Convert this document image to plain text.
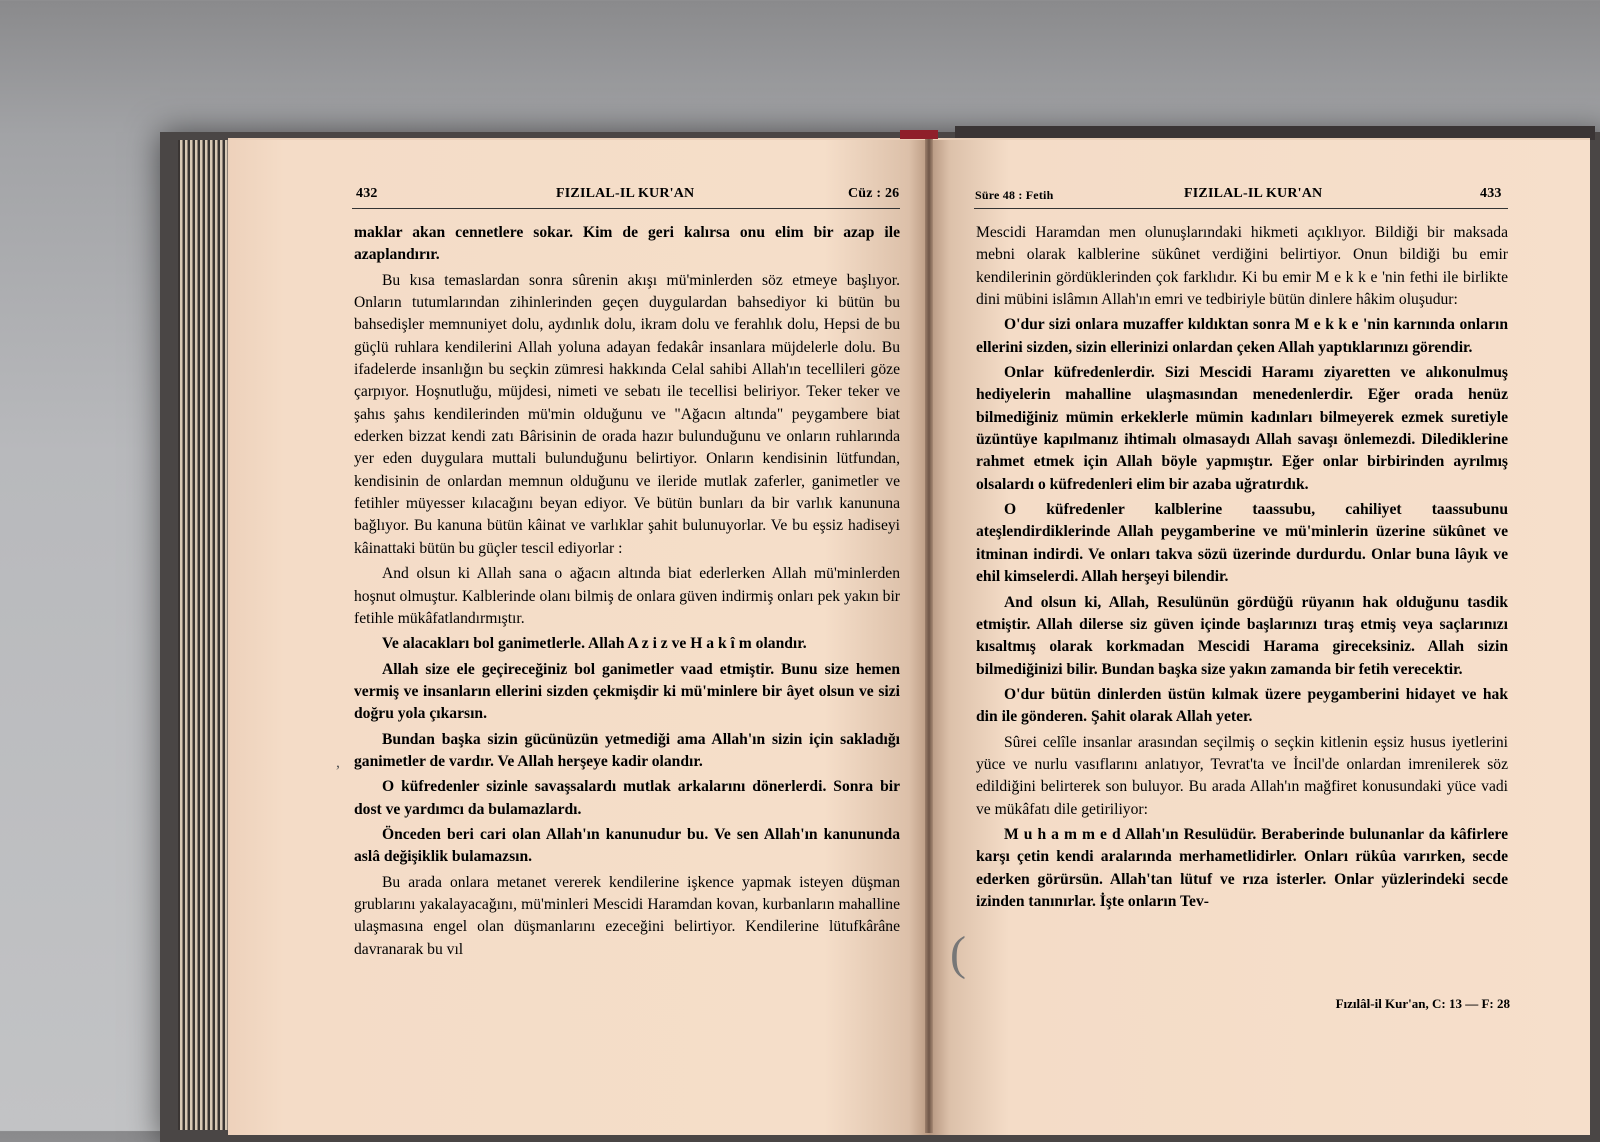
432	FIZILAL-IL KUR'AN	Cüz : 26	Süre 48 : Fetih	FIZILAL-IL KUR'AN	433

maklar akan cennetlere sokar. Kim de geri kalırsa onu elim bir azap ile azaplandırır.

Bu kısa temaslardan sonra sûrenin akışı mü'minlerden söz etmeye başlıyor. Onların tutumlarından zihinlerinden geçen duygulardan bahsediyor ki bütün bu bahsedişler memnuniyet dolu, aydınlık dolu, ikram dolu ve ferahlık dolu, Hepsi de bu güçlü ruhlara kendilerini Allah yoluna adayan fedakâr insanlara müjdelerle dolu. Bu ifadelerde insanlığın bu seçkin zümresi hakkında Celal sahibi Allah'ın tecellileri göze çarpıyor. Hoşnutluğu, müjdesi, nimeti ve sebatı ile tecellisi beliriyor. Teker teker ve şahıs şahıs kendilerinden mü'min olduğunu ve "Ağacın altında" peygambere biat ederken bizzat kendi zatı Bârisinin de orada hazır bulunduğunu ve onların ruhlarında yer eden duygulara muttali bulunduğunu belirtiyor. Onların kendisinin lütfundan, kendisinin de onlardan memnun olduğunu ve ileride mutlak zaferler, ganimetler ve fetihler müyesser kılacağını beyan ediyor. Ve bütün bunları da bir varlık kanununa bağlıyor. Bu kanuna bütün kâinat ve varlıklar şahit bulunuyorlar. Ve bu eşsiz hadiseyi kâinattaki bütün bu güçler tescil ediyorlar :

And olsun ki Allah sana o ağacın altında biat ederlerken Allah mü'minlerden hoşnut olmuştur. Kalblerinde olanı bilmiş de onlara güven indirmiş onları pek yakın bir fetihle mükâfatlandırmıştır.

Ve alacakları bol ganimetlerle. Allah A z i z ve H a k î m olandır.

Allah size ele geçireceğiniz bol ganimetler vaad etmiştir. Bunu size hemen vermiş ve insanların ellerini sizden çekmişdir ki mü'minlere bir âyet olsun ve sizi doğru yola çıkarsın.

Bundan başka sizin gücünüzün yetmediği ama Allah'ın sizin için sakladığı ganimetler de vardır. Ve Allah herşeye kadir olandır.

O küfredenler sizinle savaşsalardı mutlak arkalarını dönerlerdi. Sonra bir dost ve yardımcı da bulamazlardı.

Önceden beri cari olan Allah'ın kanunudur bu. Ve sen Allah'ın kanununda aslâ değişiklik bulamazsın.

Bu arada onlara metanet vererek kendilerine işkence yapmak isteyen düşman grublarını yakalayacağını, mü'minleri Mescidi Haramdan kovan, kurbanların mahalline ulaşmasına engel olan düşmanlarını ezeceğini belirtiyor. Kendilerine lütufkârâne davranarak bu vıl

Mescidi Haramdan men olunuşlarındaki hikmeti açıklıyor. Bildiği bir maksada mebni olarak kalblerine sükûnet verdiğini belirtiyor. Onun bildiği bu emir kendilerinin gördüklerinden çok farklıdır. Ki bu emir M e k k e 'nin fethi ile birlikte dini mübini islâmın Allah'ın emri ve tedbiriyle bütün dinlere hâkim oluşudur:

O'dur sizi onlara muzaffer kıldıktan sonra M e k k e 'nin karnında onların ellerini sizden, sizin ellerinizi onlardan çeken Allah yaptıklarınızı görendir.

Onlar küfredenlerdir. Sizi Mescidi Haramı ziyaretten ve alıkonulmuş hediyelerin mahalline ulaşmasından menedenlerdir. Eğer orada henüz bilmediğiniz mümin erkeklerle mümin kadınları bilmeyerek ezmek suretiyle üzüntüye kapılmanız ihtimalı olmasaydı Allah savaşı önlemezdi. Dilediklerine rahmet etmek için Allah böyle yapmıştır. Eğer onlar birbirinden ayrılmış olsalardı o küfredenleri elim bir azaba uğratırdık.

O küfredenler kalblerine taassubu, cahiliyet taassubunu ateşlendirdiklerinde Allah peygamberine ve mü'minlerin üzerine sükûnet ve itminan indirdi. Ve onları takva sözü üzerinde durdurdu. Onlar buna lâyık ve ehil kimselerdi. Allah herşeyi bilendir.

And olsun ki, Allah, Resulünün gördüğü rüyanın hak olduğunu tasdik etmiştir. Allah dilerse siz güven içinde başlarınızı tıraş etmiş veya saçlarınızı kısaltmış olarak korkmadan Mescidi Harama gireceksiniz. Allah sizin bilmediğinizi bilir. Bundan başka size yakın zamanda bir fetih verecektir.

O'dur bütün dinlerden üstün kılmak üzere peygamberini hidayet ve hak din ile gönderen. Şahit olarak Allah yeter.

Sûrei celîle insanlar arasından seçilmiş o seçkin kitlenin eşsiz husus iyetlerini yüce ve nurlu vasıflarını anlatıyor, Tevrat'ta ve İncil'de onlardan imrenilerek söz edildiğini belirterek son buluyor. Bu arada Allah'ın mağfiret konusundaki yüce vadi ve mükâfatı dile getiriliyor:

M u h a m m e d Allah'ın Resulüdür. Beraberinde bulunanlar da kâfirlere karşı çetin kendi aralarında merhametlidirler. Onları rükûa varırken, secde ederken görürsün. Allah'tan lütuf ve rıza isterler. Onlar yüzlerindeki secde izinden tanınırlar. İşte onların Tev-

Fızılâl-il Kur'an, C: 13 — F: 28
,
(
